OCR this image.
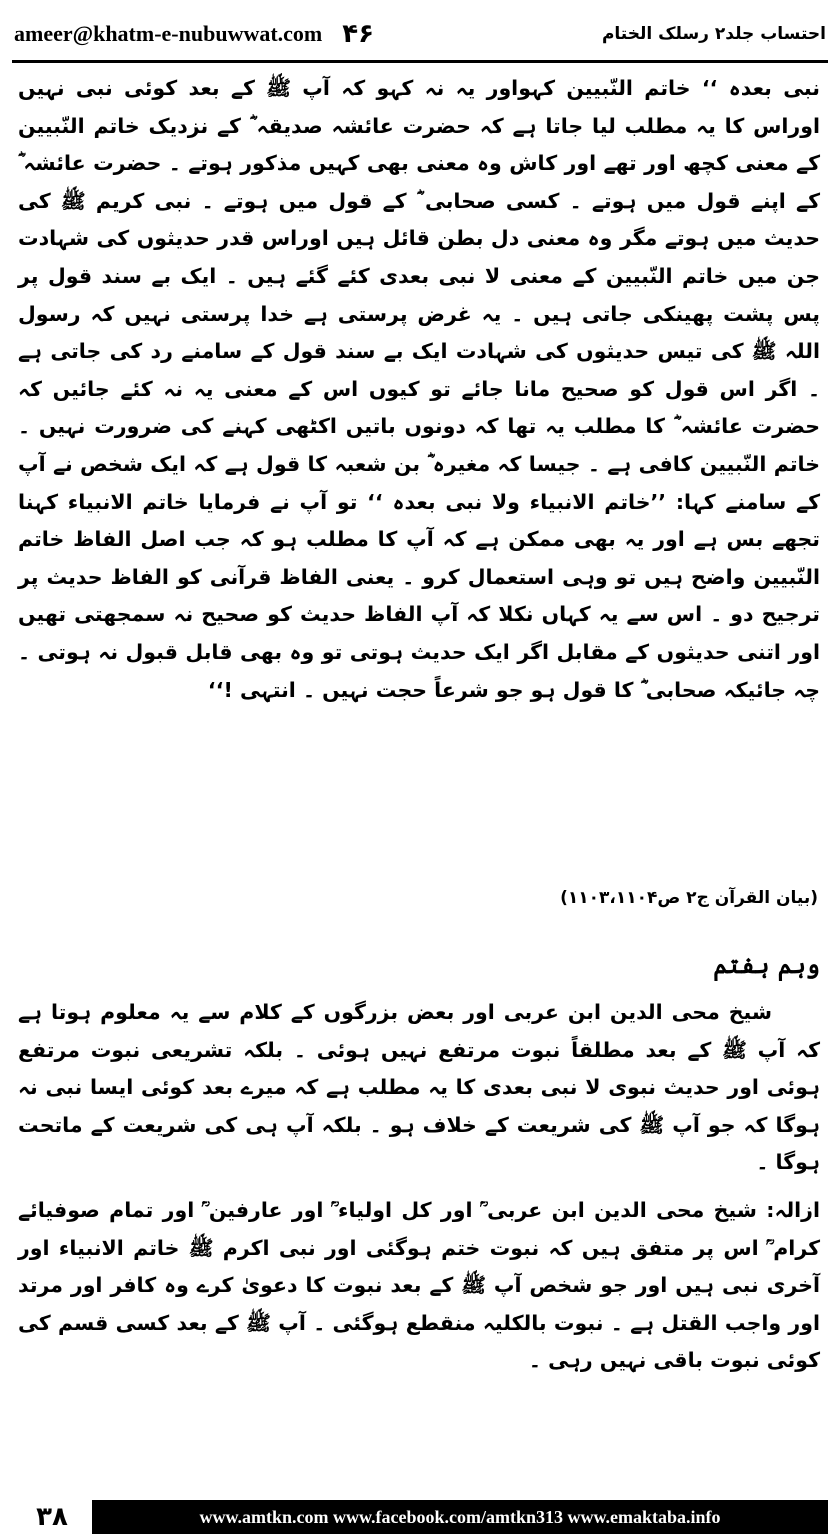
ameer@khatm-e-nubuwwat.com ۴۶	احتساب جلد۲ رسلک الختام

نبی بعدہ ‘‘ خاتم النّبیین کہواور یہ نہ کہو کہ آپ ﷺ کے بعد کوئی نبی نہیں اوراس کا یہ مطلب لیا جاتا ہے کہ حضرت عائشہ صدیقہ ؓ کے نزدیک خاتم النّبیین کے معنی کچھ اور تھے اور کاش وہ معنی بھی کہیں مذکور ہوتے ۔ حضرت عائشہ ؓ کے اپنے قول میں ہوتے ۔ کسی صحابی ؓ کے قول میں ہوتے ۔ نبی کریم ﷺ کی حدیث میں ہوتے مگر وہ معنی دل بطن قائل ہیں اوراس قدر حدیثوں کی شہادت جن میں خاتم النّبیین کے معنی لا نبی بعدی کئے گئے ہیں ۔ ایک بے سند قول پر پس پشت پھینکی جاتی ہیں ۔ یہ غرض پرستی ہے خدا پرستی نہیں کہ رسول اللہ ﷺ کی تیس حدیثوں کی شہادت ایک بے سند قول کے سامنے رد کی جاتی ہے ۔ اگر اس قول کو صحیح مانا جائے تو کیوں اس کے معنی یہ نہ کئے جائیں کہ حضرت عائشہ ؓ کا مطلب یہ تھا کہ دونوں باتیں اکٹھی کہنے کی ضرورت نہیں ۔ خاتم النّبیین کافی ہے ۔ جیسا کہ مغیرہ ؓ بن شعبہ کا قول ہے کہ ایک شخص نے آپ کے سامنے کہا: ’’خاتم الانبیاء ولا نبی بعدہ ‘‘ تو آپ نے فرمایا خاتم الانبیاء کہنا تجھے بس ہے اور یہ بھی ممکن ہے کہ آپ کا مطلب ہو کہ جب اصل الفاظ خاتم النّبیین واضح ہیں تو وہی استعمال کرو ۔ یعنی الفاظ قرآنی کو الفاظ حدیث پر ترجیح دو ۔ اس سے یہ کہاں نکلا کہ آپ الفاظ حدیث کو صحیح نہ سمجھتی تھیں اور اتنی حدیثوں کے مقابل اگر ایک حدیث ہوتی تو وہ بھی قابل قبول نہ ہوتی ۔ چہ جائیکہ صحابی ؓ کا قول ہو جو شرعاً حجت نہیں ۔ انتہی !‘‘

(بیان القرآن ج۲ ص۱۱۰۳،۱۱۰۴)
وہم ہفتم

شیخ محی الدین ابن عربی اور بعض بزرگوں کے کلام سے یہ معلوم ہوتا ہے کہ آپ ﷺ کے بعد مطلقاً نبوت مرتفع نہیں ہوئی ۔ بلکہ تشریعی نبوت مرتفع ہوئی اور حدیث نبوی لا نبی بعدی کا یہ مطلب ہے کہ میرے بعد کوئی ایسا نبی نہ ہوگا کہ جو آپ ﷺ کی شریعت کے خلاف ہو ۔ بلکہ آپ ہی کی شریعت کے ماتحت ہوگا ۔

ازالہ: شیخ محی الدین ابن عربی ؒ اور کل اولیاء ؒ اور عارفین ؒ اور تمام صوفیائے کرام ؒ اس پر متفق ہیں کہ نبوت ختم ہوگئی اور نبی اکرم ﷺ خاتم الانبیاء اور آخری نبی ہیں اور جو شخص آپ ﷺ کے بعد نبوت کا دعویٰ کرے وہ کافر اور مرتد اور واجب القتل ہے ۔ نبوت بالکلیہ منقطع ہوگئی ۔ آپ ﷺ کے بعد کسی قسم کی کوئی نبوت باقی نہیں رہی ۔

۳۸	www.amtkn.com www.facebook.com/amtkn313 www.emaktaba.info
